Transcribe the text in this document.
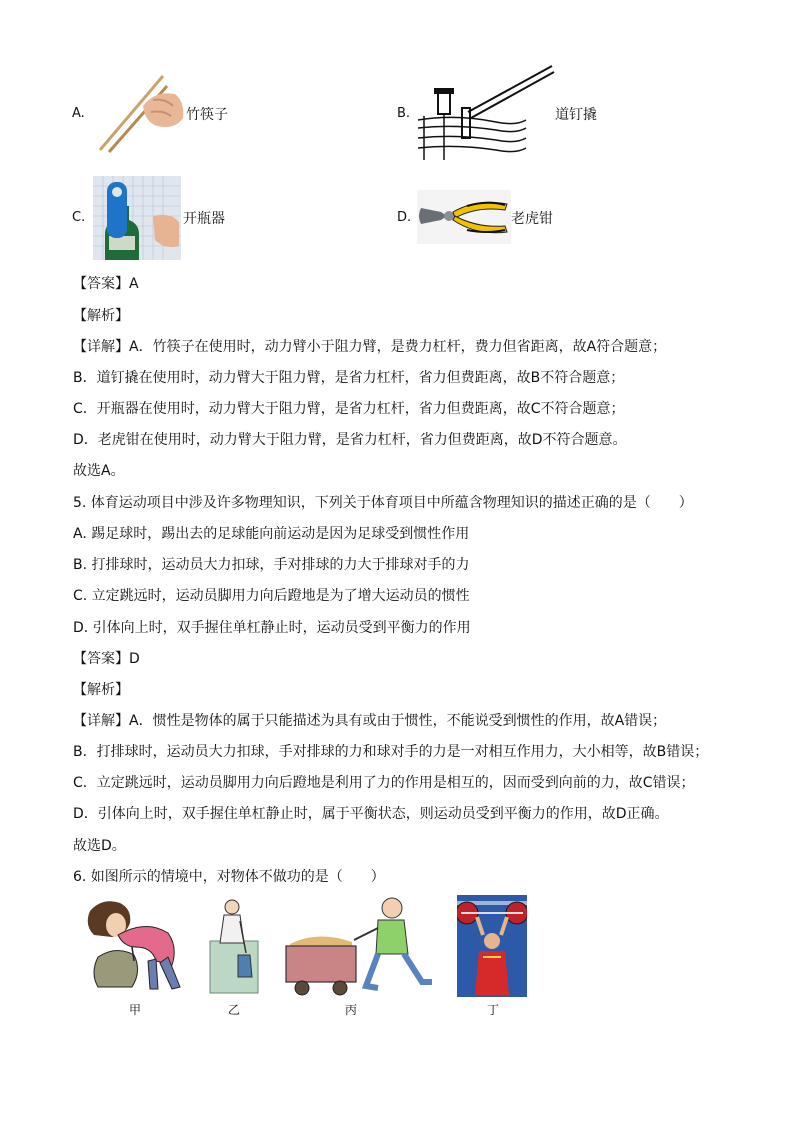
A.	竹筷子	B.	道钉撬
C.	开瓶器	D.	老虎钳
【答案】A
【解析】
【详解】A．竹筷子在使用时，动力臂小于阻力臂，是费力杠杆，费力但省距离，故A符合题意；
B．道钉撬在使用时，动力臂大于阻力臂，是省力杠杆，省力但费距离，故B不符合题意；
C．开瓶器在使用时，动力臂大于阻力臂，是省力杠杆，省力但费距离，故C不符合题意；
D．老虎钳在使用时，动力臂大于阻力臂，是省力杠杆，省力但费距离，故D不符合题意。
故选A。
5. 体育运动项目中涉及许多物理知识，下列关于体育项目中所蕴含物理知识的描述正确的是（　　）
A. 踢足球时，踢出去的足球能向前运动是因为足球受到惯性作用
B. 打排球时，运动员大力扣球，手对排球的力大于排球对手的力
C. 立定跳远时，运动员脚用力向后蹬地是为了增大运动员的惯性
D. 引体向上时，双手握住单杠静止时，运动员受到平衡力的作用
【答案】D
【解析】
【详解】A．惯性是物体的属于只能描述为具有或由于惯性，不能说受到惯性的作用，故A错误；
B．打排球时，运动员大力扣球，手对排球的力和球对手的力是一对相互作用力，大小相等，故B错误；
C．立定跳远时，运动员脚用力向后蹬地是利用了力的作用是相互的，因而受到向前的力，故C错误；
D．引体向上时，双手握住单杠静止时，属于平衡状态，则运动员受到平衡力的作用，故D正确。
故选D。
6. 如图所示的情境中，对物体不做功的是（　　）
甲	乙	丙	丁
